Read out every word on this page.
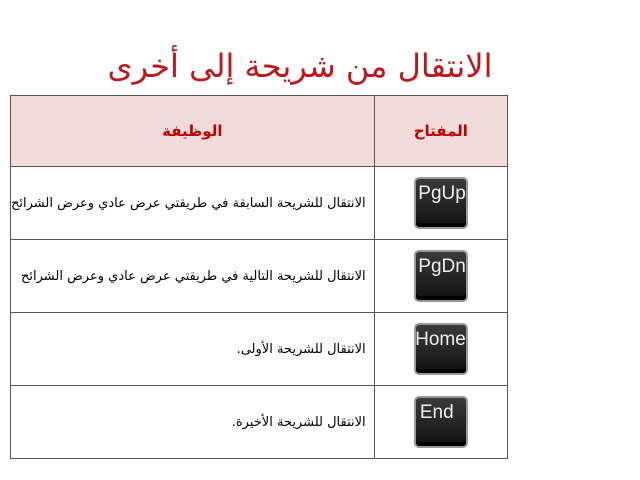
الانتقال من شريحة إلى أخرى
المفتاح	الوظيفة
PgUp	الانتقال للشريحة السابقة في طريقتي عرض عادي وعرض الشرائح
PgDn	الانتقال للشريحة التالية في طريقتي عرض عادي وعرض الشرائح
Home	الانتقال للشريحة الأولى.
End	الانتقال للشريحة الأخيرة.
